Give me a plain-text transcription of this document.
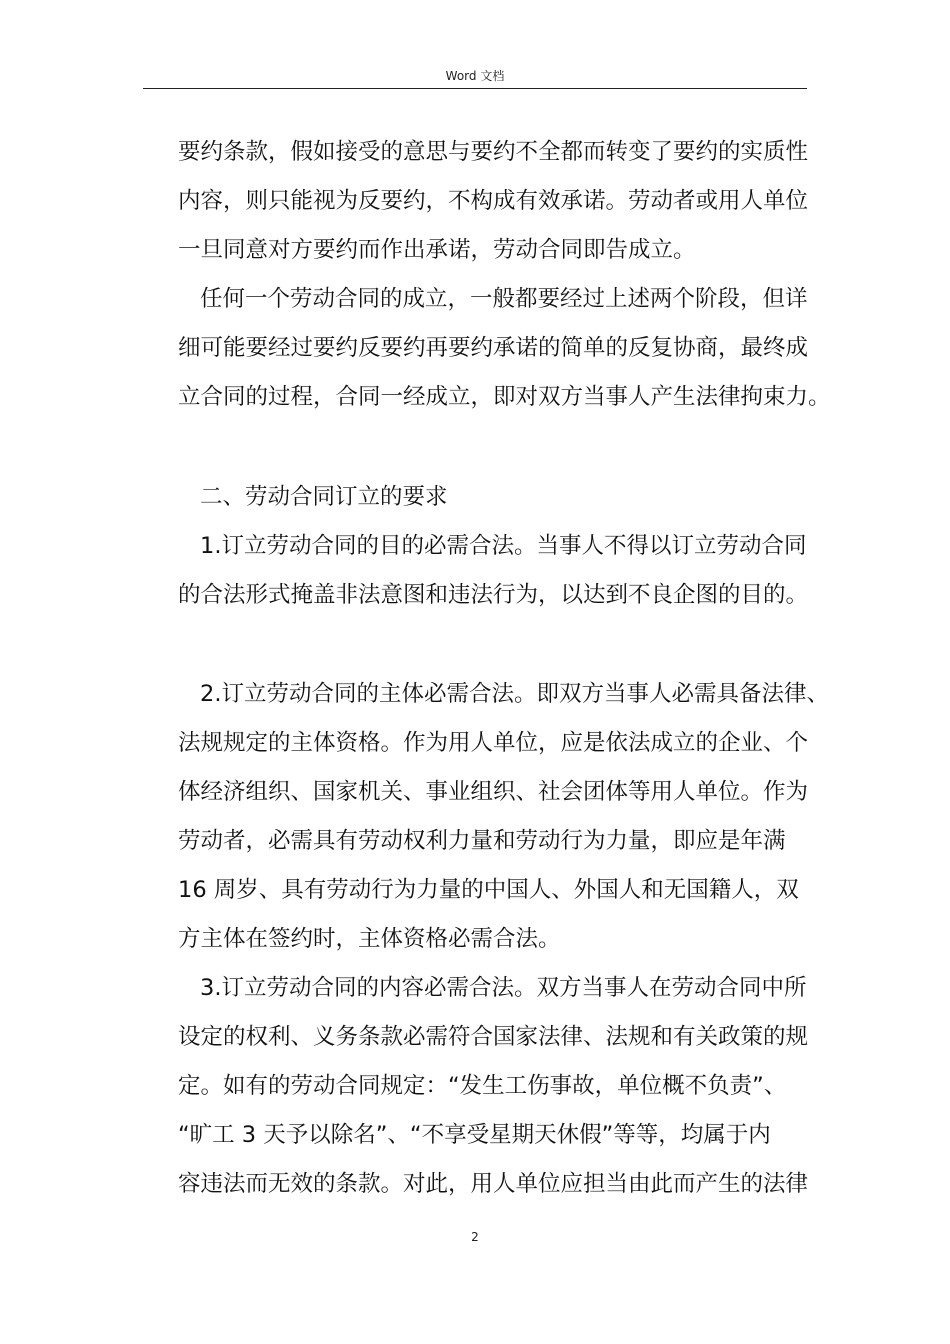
Word 文档
要约条款，假如接受的意思与要约不全都而转变了要约的实质性
内容，则只能视为反要约，不构成有效承诺。劳动者或用人单位
一旦同意对方要约而作出承诺，劳动合同即告成立。
任何一个劳动合同的成立，一般都要经过上述两个阶段，但详
细可能要经过要约反要约再要约承诺的简单的反复协商，最终成
立合同的过程，合同一经成立，即对双方当事人产生法律拘束力。
二、劳动合同订立的要求
1.订立劳动合同的目的必需合法。当事人不得以订立劳动合同
的合法形式掩盖非法意图和违法行为，以达到不良企图的目的。
2.订立劳动合同的主体必需合法。即双方当事人必需具备法律、
法规规定的主体资格。作为用人单位，应是依法成立的企业、个
体经济组织、国家机关、事业组织、社会团体等用人单位。作为
劳动者，必需具有劳动权利力量和劳动行为力量，即应是年满
16 周岁、具有劳动行为力量的中国人、外国人和无国籍人，双
方主体在签约时，主体资格必需合法。
3.订立劳动合同的内容必需合法。双方当事人在劳动合同中所
设定的权利、义务条款必需符合国家法律、法规和有关政策的规
定。如有的劳动合同规定：“发生工伤事故，单位概不负责”、
“旷工 3 天予以除名”、“不享受星期天休假”等等，均属于内
容违法而无效的条款。对此，用人单位应担当由此而产生的法律
2
